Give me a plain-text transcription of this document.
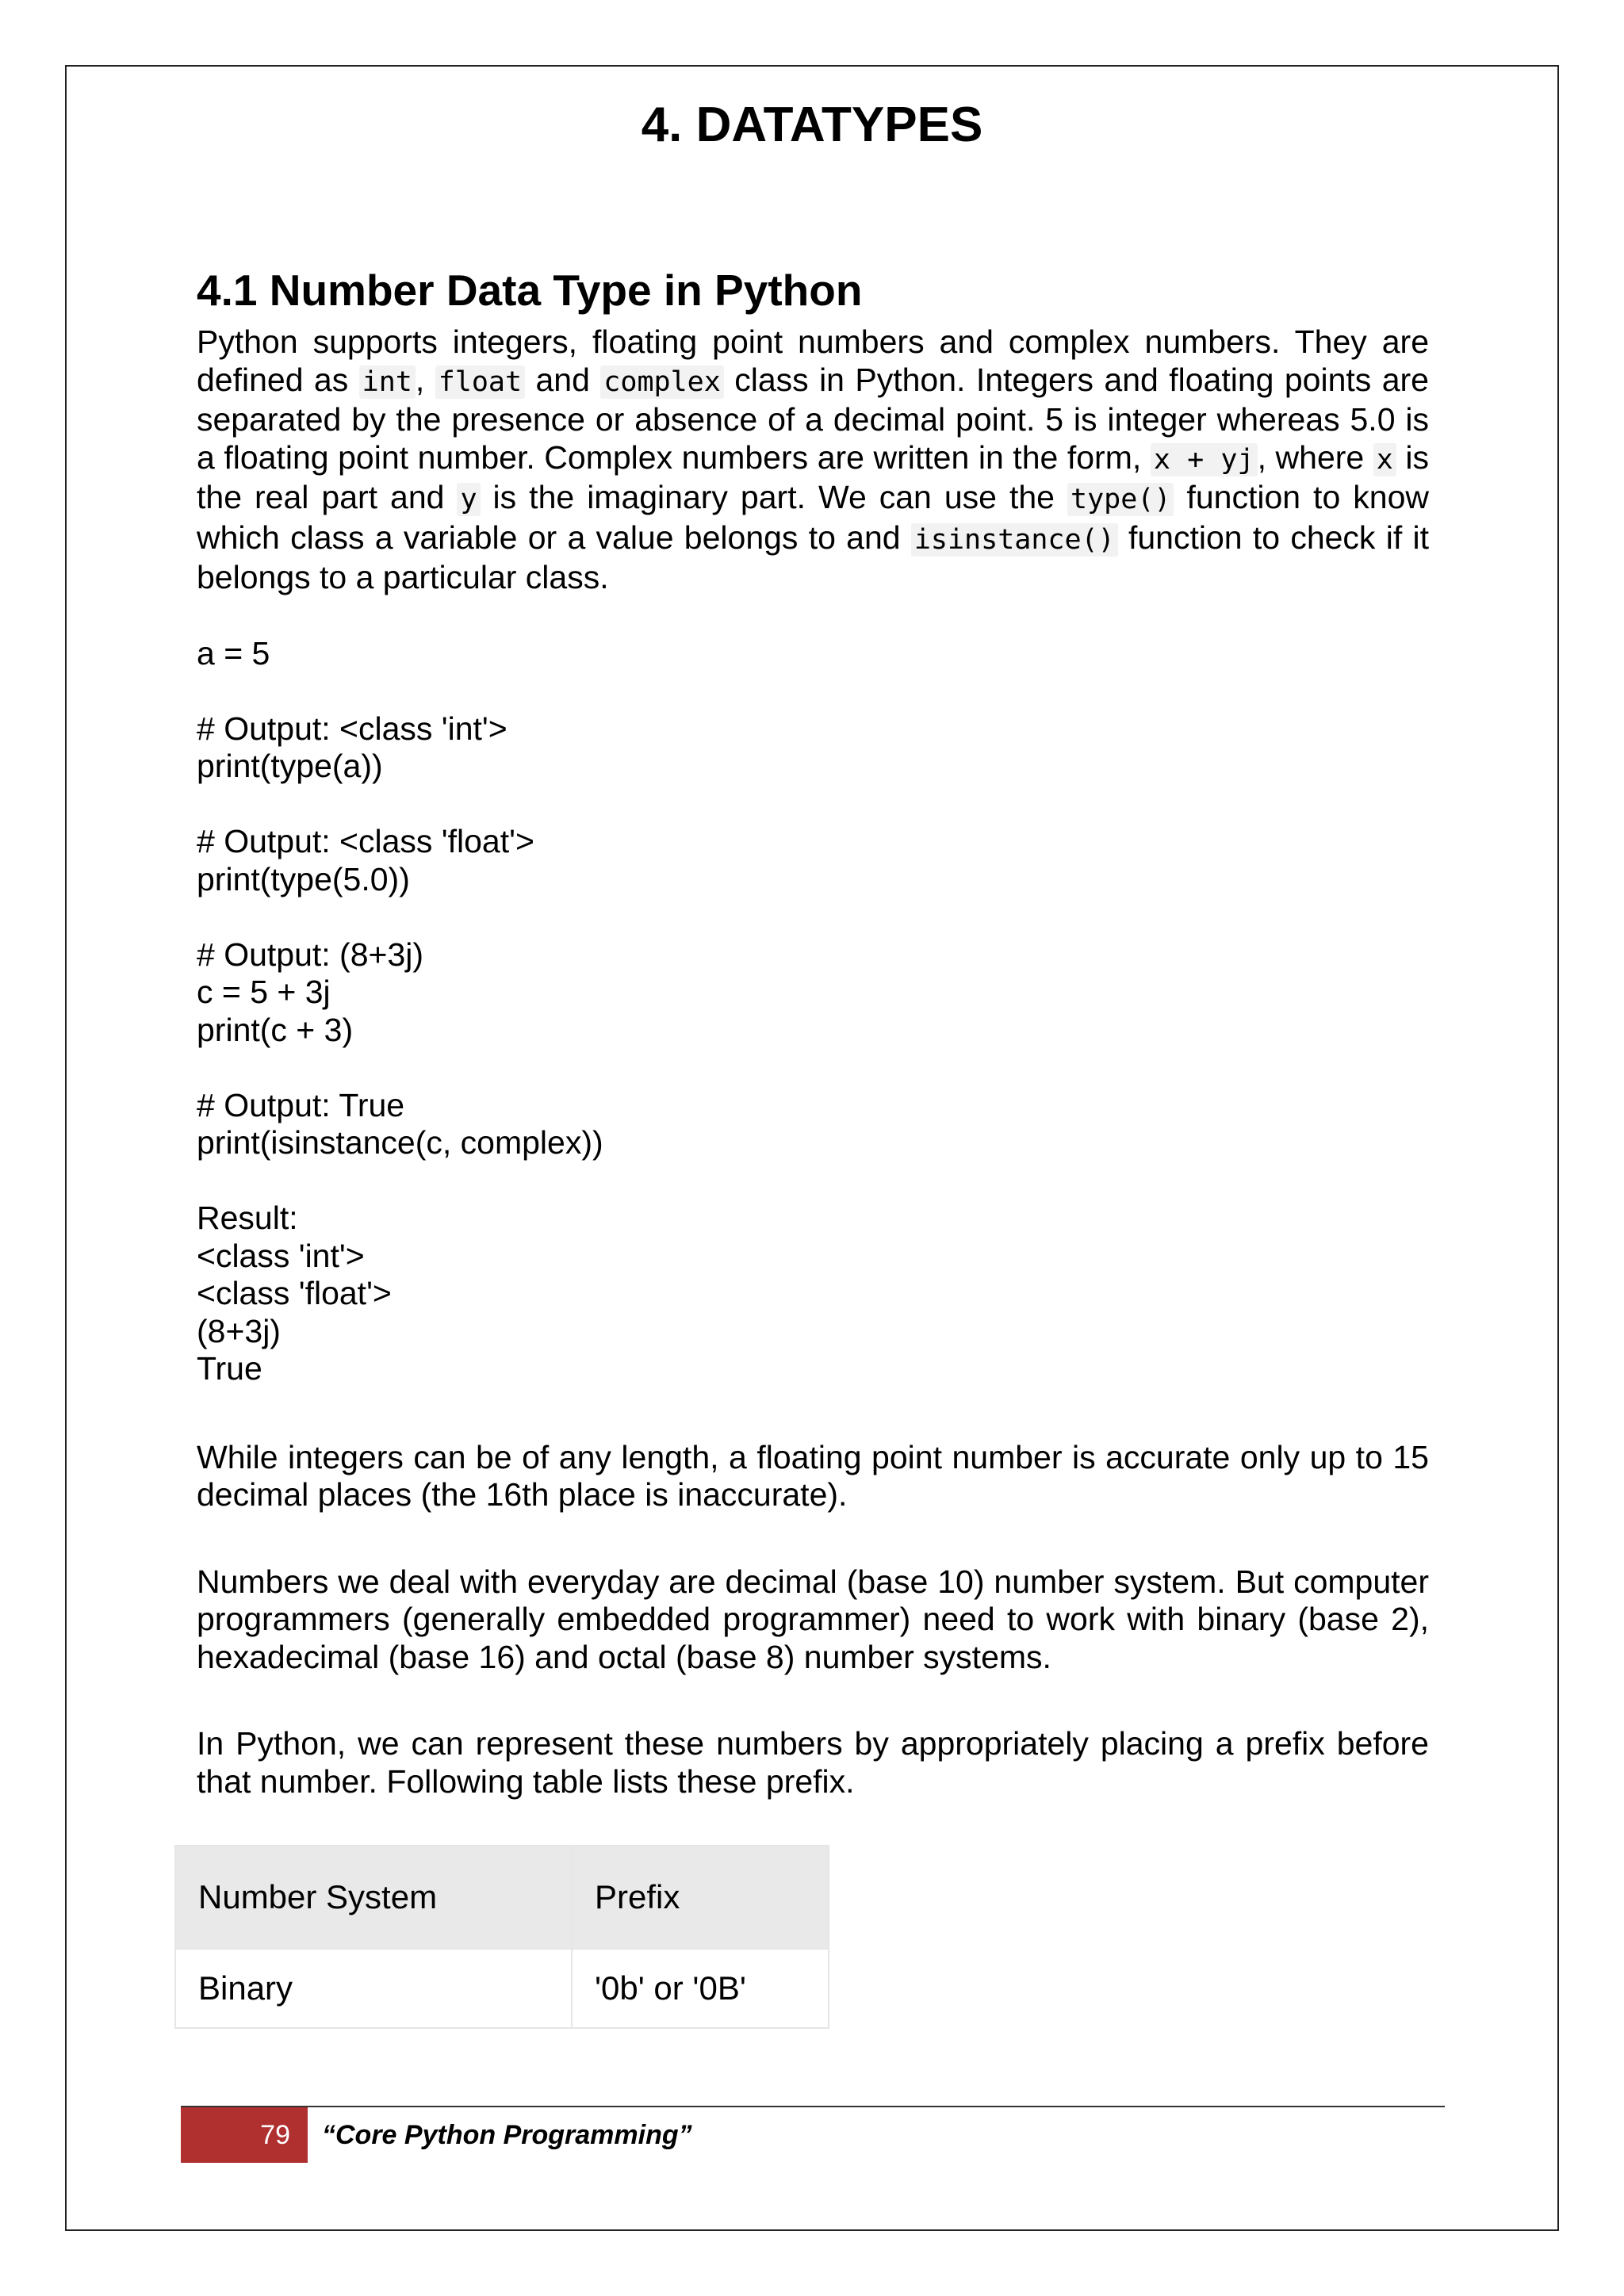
4. DATATYPES
4.1 Number Data Type in Python

Python supports integers, floating point numbers and complex numbers. They are defined as int, float and complex class in Python. Integers and floating points are separated by the presence or absence of a decimal point. 5 is integer whereas 5.0 is a floating point number. Complex numbers are written in the form, x + yj, where x is the real part and y is the imaginary part. We can use the type() function to know which class a variable or a value belongs to and isinstance() function to check if it belongs to a particular class.

a = 5
# Output: <class 'int'>
print(type(a))
# Output: <class 'float'>
print(type(5.0))
# Output: (8+3j)
c = 5 + 3j
print(c + 3)
# Output: True
print(isinstance(c, complex))
Result:
<class 'int'>
<class 'float'>
(8+3j)
True

While integers can be of any length, a floating point number is accurate only up to 15 decimal places (the 16th place is inaccurate).

Numbers we deal with everyday are decimal (base 10) number system. But computer programmers (generally embedded programmer) need to work with binary (base 2), hexadecimal (base 16) and octal (base 8) number systems.

In Python, we can represent these numbers by appropriately placing a prefix before that number. Following table lists these prefix.

Number System	Prefix
Binary	'0b' or '0B'
79	“Core Python Programming”
